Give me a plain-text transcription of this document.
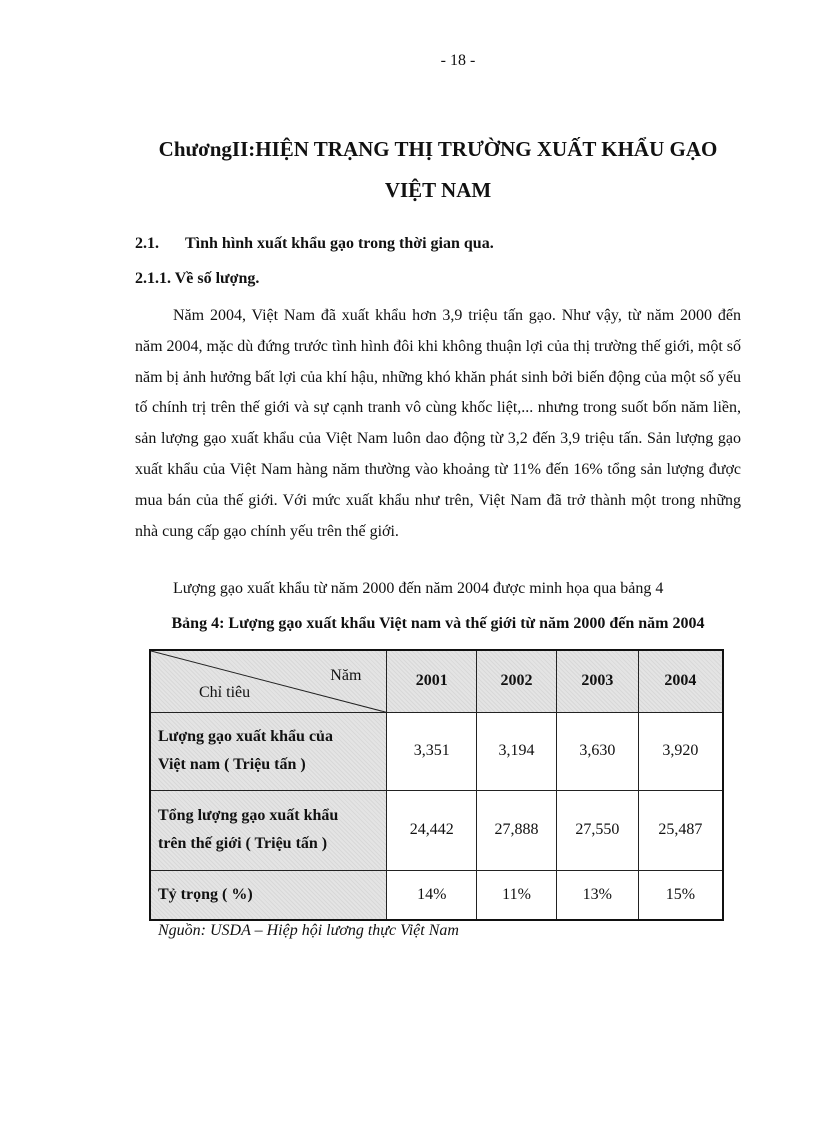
- 18 -
ChươngII:HIỆN TRẠNG THỊ TRƯỜNG XUẤT KHẨU GẠO
VIỆT NAM
2.1. Tình hình xuất khẩu gạo trong thời gian qua.
2.1.1. Về số lượng.

Năm 2004, Việt Nam đã xuất khẩu hơn 3,9 triệu tấn gạo. Như vậy, từ năm 2000 đến năm 2004, mặc dù đứng trước tình hình đôi khi không thuận lợi của thị trường thế giới, một số năm bị ảnh hưởng bất lợi của khí hậu, những khó khăn phát sinh bởi biến động của một số yếu tố chính trị trên thế giới và sự cạnh tranh vô cùng khốc liệt,... nhưng trong suốt bốn năm liền, sản lượng gạo xuất khẩu của Việt Nam luôn dao động từ 3,2 đến 3,9 triệu tấn. Sản lượng gạo xuất khẩu của Việt Nam hàng năm thường vào khoảng từ 11% đến 16% tổng sản lượng được mua bán của thế giới. Với mức xuất khẩu như trên, Việt Nam đã trở thành một trong những nhà cung cấp gạo chính yếu trên thế giới.

Lượng gạo xuất khẩu từ năm 2000 đến năm 2004 được minh họa qua bảng 4
Bảng 4: Lượng gạo xuất khẩu Việt nam và thế giới từ năm 2000 đến năm 2004
Năm
Chỉ tiêu	2001	2002	2003	2004

Lượng gạo xuất khẩu của
Việt nam ( Triệu tấn )	3,351	3,194	3,630	3,920

Tổng lượng gạo xuất khẩu
trên thế giới ( Triệu tấn )	24,442	27,888	27,550	25,487
Tỷ trọng ( %)	14%	11%	13%	15%
Nguồn: USDA – Hiệp hội lương thực Việt Nam
